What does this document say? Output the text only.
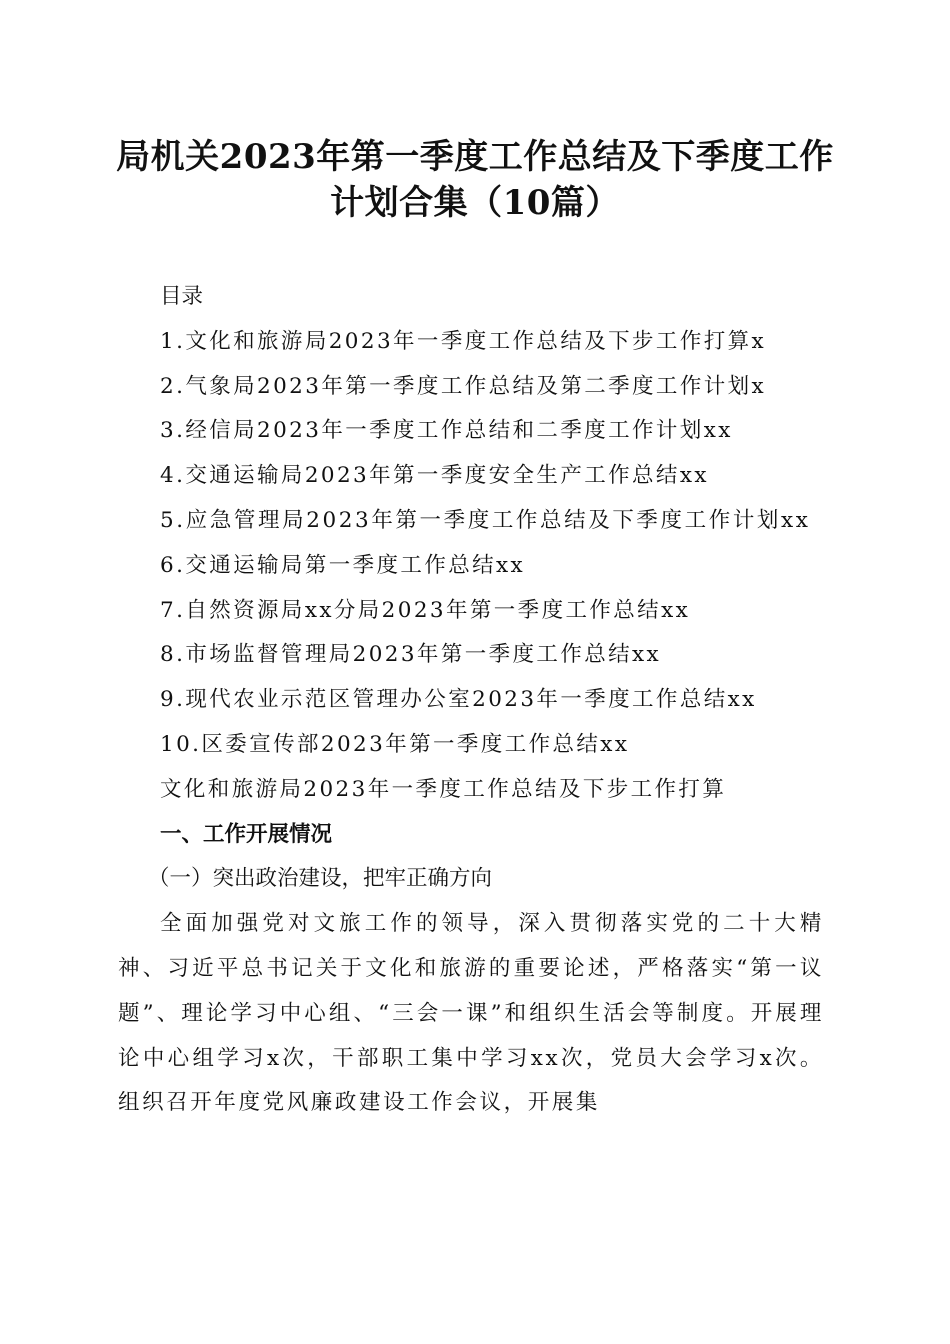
局机关2023年第一季度工作总结及下季度工作计划合集（10篇）
目录
1.文化和旅游局2023年一季度工作总结及下步工作打算x
2.气象局2023年第一季度工作总结及第二季度工作计划x
3.经信局2023年一季度工作总结和二季度工作计划xx
4.交通运输局2023年第一季度安全生产工作总结xx
5.应急管理局2023年第一季度工作总结及下季度工作计划xx
6.交通运输局第一季度工作总结xx
7.自然资源局xx分局2023年第一季度工作总结xx
8.市场监督管理局2023年第一季度工作总结xx
9.现代农业示范区管理办公室2023年一季度工作总结xx
10.区委宣传部2023年第一季度工作总结xx
文化和旅游局2023年一季度工作总结及下步工作打算
一、工作开展情况
（一）突出政治建设，把牢正确方向
全面加强党对文旅工作的领导，深入贯彻落实党的二十大精神、习近平总书记关于文化和旅游的重要论述，严格落实“第一议题”、理论学习中心组、“三会一课”和组织生活会等制度。开展理论中心组学习x次，干部职工集中学习xx次，党员大会学习x次。组织召开年度党风廉政建设工作会议，开展集
